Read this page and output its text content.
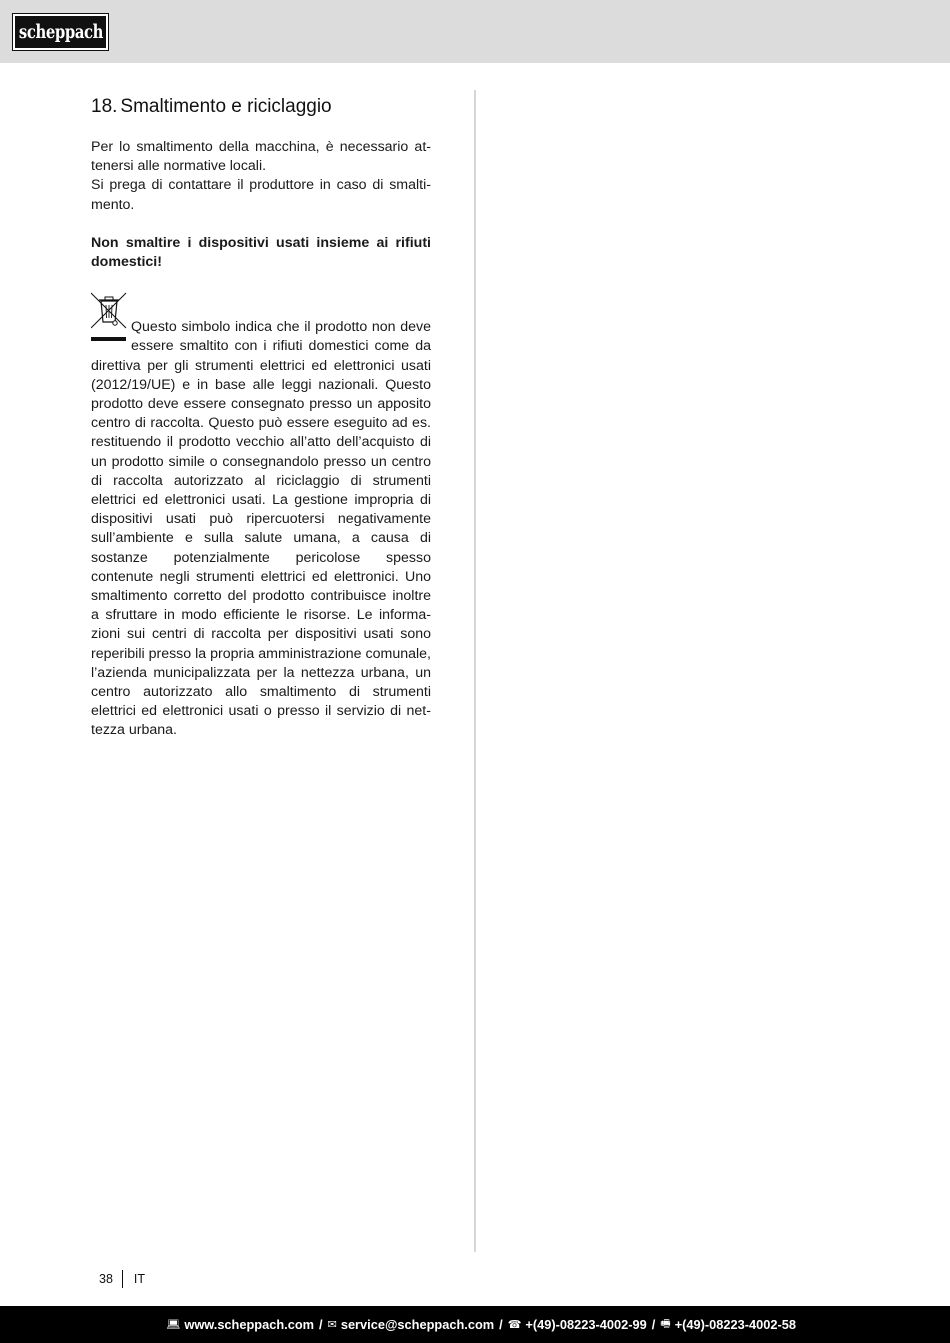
scheppach
18. Smaltimento e riciclaggio

Per lo smaltimento della macchina, è necessario attenersi alle normative locali.

Si prega di contattare il produttore in caso di smaltimento.

Non smaltire i dispositivi usati insieme ai rifiuti domestici!

Questo simbolo indica che il prodotto non deve essere smaltito con i rifiuti domestici come da direttiva per gli strumenti elettrici ed elettronici usati (2012/19/UE) e in base alle leggi nazionali. Questo prodotto deve essere consegnato presso un apposito centro di raccolta. Questo può essere eseguito ad es. restituendo il prodotto vecchio all’atto dell’acquisto di un prodotto simile o consegnandolo presso un centro di raccolta autorizzato al riciclaggio di strumenti elettrici ed elettronici usati. La gestione impropria di dispositivi usati può ripercuotersi negativamente sull’ambiente e sulla salute umana, a causa di sostanze potenzialmente pericolose spesso contenute negli strumenti elettrici ed elettronici. Uno smaltimento corretto del prodotto contribuisce inoltre a sfruttare in modo efficiente le risorse. Le informazioni sui centri di raccolta per dispositivi usati sono reperibili presso la propria amministrazione comunale, l’azienda municipalizzata per la nettezza urbana, un centro autorizzato allo smaltimento di strumenti elettrici ed elettronici usati o presso il servizio di nettezza urbana.

38 IT
💻︎ www.scheppach.com / ✉ service@scheppach.com / ☎ +(49)-08223-4002-99 / 🖷 +(49)-08223-4002-58
